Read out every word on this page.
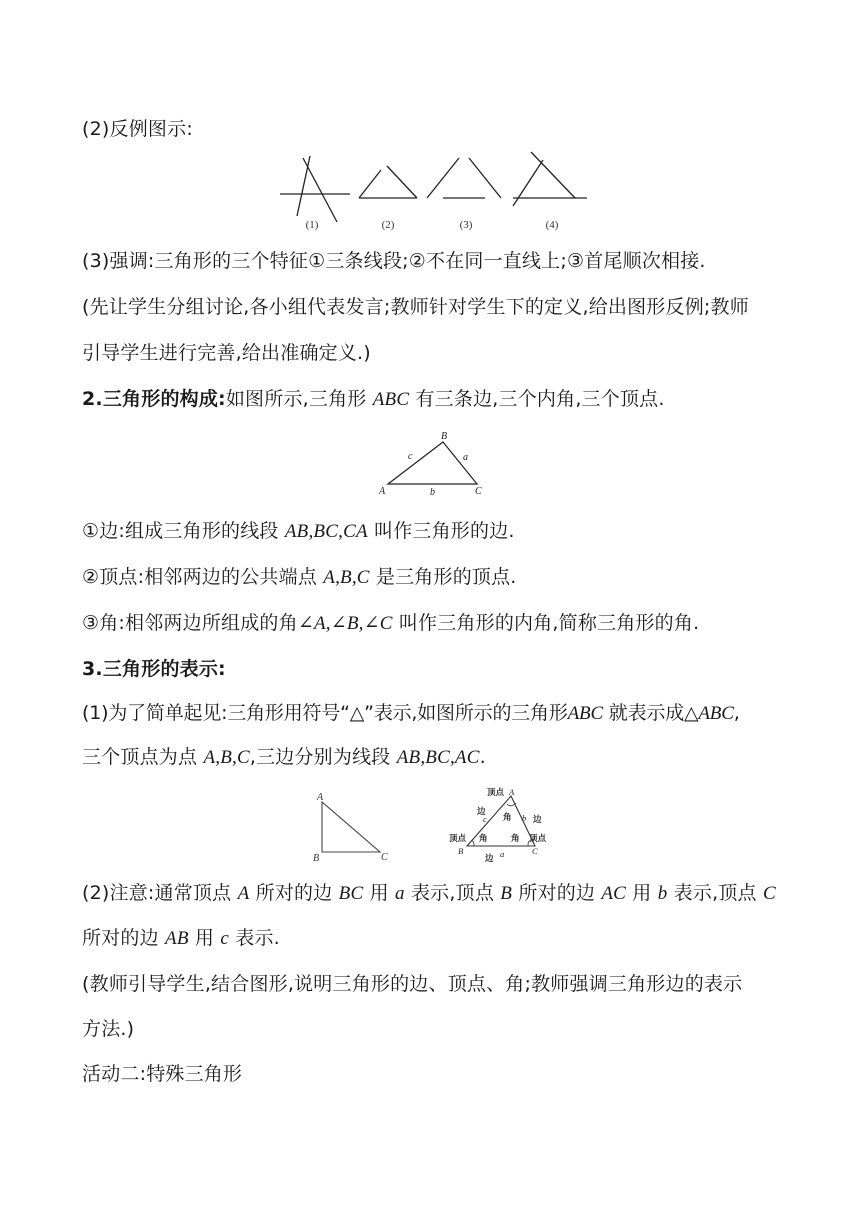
(2)反例图示:
(1)	(2)	(3)	(4)
(3)强调:三角形的三个特征①三条线段;②不在同一直线上;③首尾顺次相接.
(先让学生分组讨论,各小组代表发言;教师针对学生下的定义,给出图形反例;教师
引导学生进行完善,给出准确定义.)
2.三角形的构成:如图所示,三角形 ABC 有三条边,三个内角,三个顶点.
B
A	C
c	a
b
①边:组成三角形的线段 AB,BC,CA 叫作三角形的边.
②顶点:相邻两边的公共端点 A,B,C 是三角形的顶点.
③角:相邻两边所组成的角∠A,∠B,∠C 叫作三角形的内角,简称三角形的角.
3.三角形的表示:
(1)为了简单起见:三角形用符号“△”表示,如图所示的三角形ABC 就表示成△ABC,
三个顶点为点 A,B,C,三边分别为线段 AB,BC,AC.
A
B	C
顶点 A
边
c 角 b 边
顶点 角	角 顶点
B	C
边 a
(2)注意:通常顶点 A 所对的边 BC 用 a 表示,顶点 B 所对的边 AC 用 b 表示,顶点 C
所对的边 AB 用 c 表示.
(教师引导学生,结合图形,说明三角形的边、顶点、角;教师强调三角形边的表示
方法.)
活动二:特殊三角形
